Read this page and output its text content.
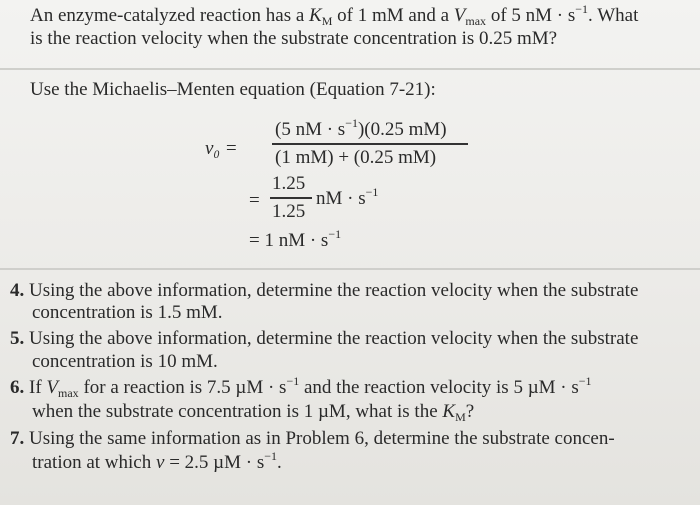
An enzyme-catalyzed reaction has a $K_M$ of 1 mM and a $V_{max}$ of 5 nM · $s^{-1}$. What
is the reaction velocity when the substrate concentration is 0.25 mM?
Use the Michaelis–Menten equation (Equation 7-21):
v₀ =
(5 nM · $s^{-1})(0.25$ mM)
(1 mM) + (0.25 mM)
=
1.25
1.25
nM · $s^{-1}$
= 1 nM · $s^{-1}$
4. Using the above information, determine the reaction velocity when the substrate
concentration is 1.5 mM.
5. Using the above information, determine the reaction velocity when the substrate
concentration is 10 mM.
6. If $V_{max}$ for a reaction is 7.5 $\mu M \cdot s^{-1}$ and the reaction velocity is 5 $\mu M \cdot s^{-1}$
when the substrate concentration is 1 µM, what is the $K_M$?
7. Using the same information as in Problem 6, determine the substrate concen-
tration at which v = 2.5 $\mu M \cdot s^{-1}$.
